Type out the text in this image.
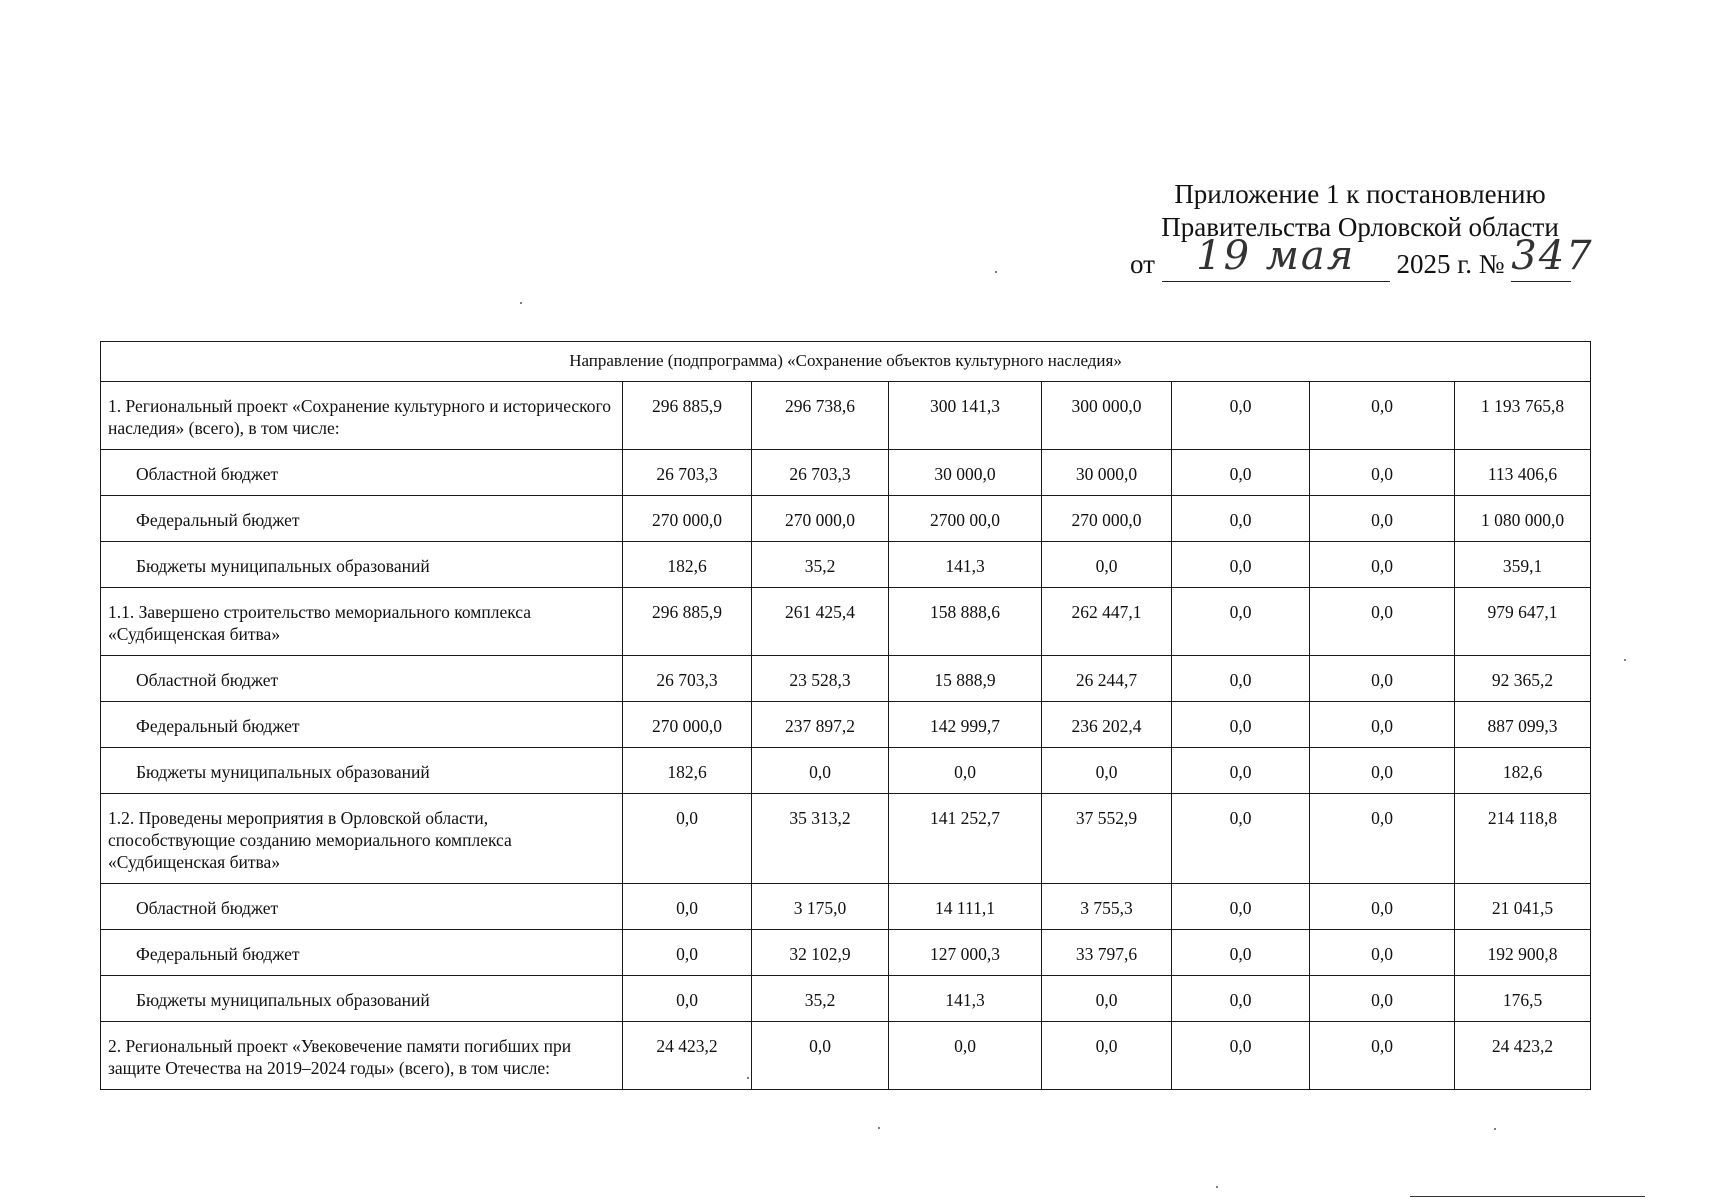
Приложение 1 к постановлению
Правительства Орловской области
от 19 мая 2025 г. № 347
Направление (подпрограмма) «Сохранение объектов культурного наследия»							
1. Региональный проект «Сохранение культурного и исторического наследия» (всего), в том числе:	296 885,9	296 738,6	300 141,3	300 000,0	0,0	0,0	1 193 765,8
Областной бюджет	26 703,3	26 703,3	30 000,0	30 000,0	0,0	0,0	113 406,6
Федеральный бюджет	270 000,0	270 000,0	2700 00,0	270 000,0	0,0	0,0	1 080 000,0
Бюджеты муниципальных образований	182,6	35,2	141,3	0,0	0,0	0,0	359,1
1.1. Завершено строительство мемориального комплекса «Судбищенская битва»	296 885,9	261 425,4	158 888,6	262 447,1	0,0	0,0	979 647,1
Областной бюджет	26 703,3	23 528,3	15 888,9	26 244,7	0,0	0,0	92 365,2
Федеральный бюджет	270 000,0	237 897,2	142 999,7	236 202,4	0,0	0,0	887 099,3
Бюджеты муниципальных образований	182,6	0,0	0,0	0,0	0,0	0,0	182,6
1.2. Проведены мероприятия в Орловской области, способствующие созданию мемориального комплекса «Судбищенская битва»	0,0	35 313,2	141 252,7	37 552,9	0,0	0,0	214 118,8
Областной бюджет	0,0	3 175,0	14 111,1	3 755,3	0,0	0,0	21 041,5
Федеральный бюджет	0,0	32 102,9	127 000,3	33 797,6	0,0	0,0	192 900,8
Бюджеты муниципальных образований	0,0	35,2	141,3	0,0	0,0	0,0	176,5
2. Региональный проект «Увековечение памяти погибших при защите Отечества на 2019–2024 годы» (всего), в том числе:	24 423,2	0,0	0,0	0,0	0,0	0,0	24 423,2
